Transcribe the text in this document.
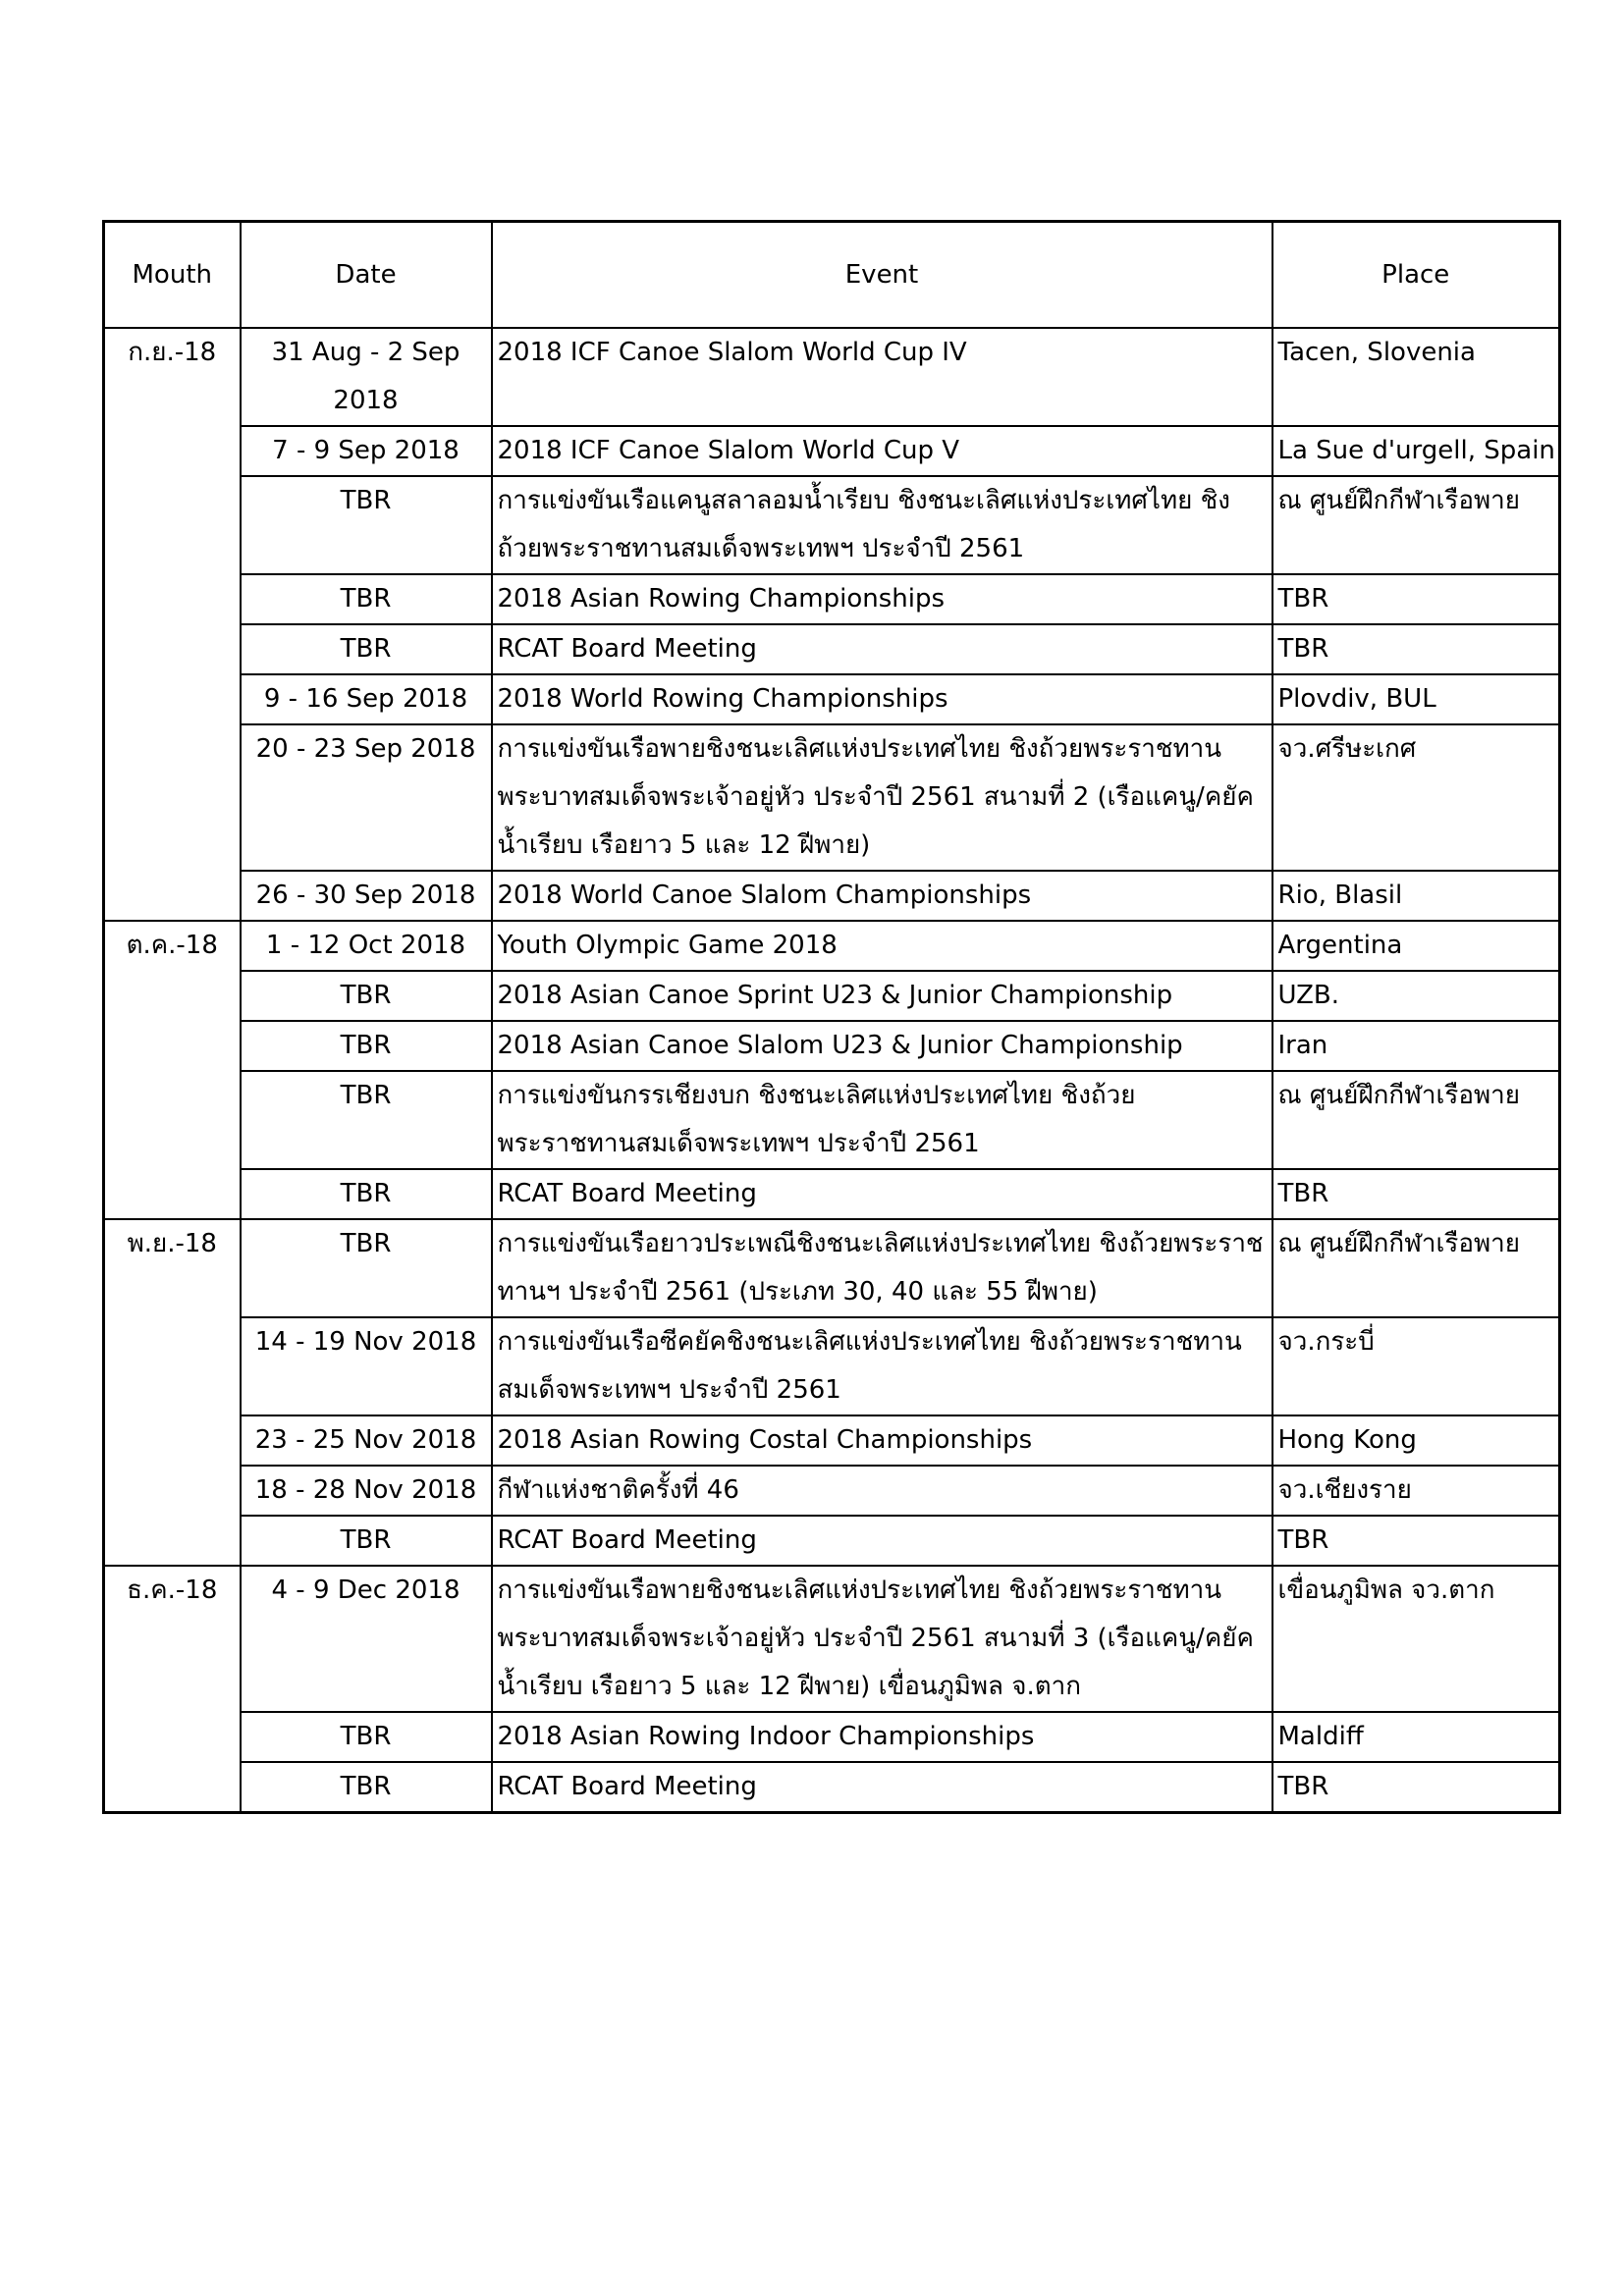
Mouth	Date	Event	Place
ก.ย.-18	31 Aug - 2 Sep 2018	2018 ICF Canoe Slalom World Cup IV	Tacen, Slovenia
	7 - 9 Sep 2018	2018 ICF Canoe Slalom World Cup V	La Sue d'urgell, Spain
	TBR	การแข่งขันเรือแคนูสลาลอมน้ำเรียบ ชิงชนะเลิศแห่งประเทศไทย ชิงถ้วยพระราชทานสมเด็จพระเทพฯ ประจำปี 2561	ณ ศูนย์ฝึกกีฬาเรือพาย
	TBR	2018 Asian Rowing Championships	TBR
	TBR	RCAT Board Meeting	TBR
	9 - 16 Sep 2018	2018 World Rowing Championships	Plovdiv, BUL
	20 - 23 Sep 2018	การแข่งขันเรือพายชิงชนะเลิศแห่งประเทศไทย ชิงถ้วยพระราชทานพระบาทสมเด็จพระเจ้าอยู่หัว ประจำปี 2561 สนามที่ 2 (เรือแคนู/คยัคน้ำเรียบ เรือยาว 5 และ 12 ฝีพาย)	จว.ศรีษะเกศ
	26 - 30 Sep 2018	2018 World Canoe Slalom Championships	Rio, Blasil
ต.ค.-18	1 - 12 Oct 2018	Youth Olympic Game 2018	Argentina
	TBR	2018 Asian Canoe Sprint U23 & Junior Championship	UZB.
	TBR	2018 Asian Canoe Slalom U23 & Junior Championship	Iran
	TBR	การแข่งขันกรรเชียงบก ชิงชนะเลิศแห่งประเทศไทย ชิงถ้วยพระราชทานสมเด็จพระเทพฯ ประจำปี 2561	ณ ศูนย์ฝึกกีฬาเรือพาย
	TBR	RCAT Board Meeting	TBR
พ.ย.-18	TBR	การแข่งขันเรือยาวประเพณีชิงชนะเลิศแห่งประเทศไทย ชิงถ้วยพระราชทานฯ ประจำปี 2561 (ประเภท 30, 40 และ 55 ฝีพาย)	ณ ศูนย์ฝึกกีฬาเรือพาย
	14 - 19 Nov 2018	การแข่งขันเรือซีคยัคชิงชนะเลิศแห่งประเทศไทย ชิงถ้วยพระราชทานสมเด็จพระเทพฯ ประจำปี 2561	จว.กระบี่
	23 - 25 Nov 2018	2018 Asian Rowing Costal Championships	Hong Kong
	18 - 28 Nov 2018	กีฬาแห่งชาติครั้งที่ 46	จว.เชียงราย
	TBR	RCAT Board Meeting	TBR
ธ.ค.-18	4 - 9 Dec 2018	การแข่งขันเรือพายชิงชนะเลิศแห่งประเทศไทย ชิงถ้วยพระราชทานพระบาทสมเด็จพระเจ้าอยู่หัว ประจำปี 2561 สนามที่ 3 (เรือแคนู/คยัคน้ำเรียบ เรือยาว 5 และ 12 ฝีพาย) เขื่อนภูมิพล จ.ตาก	เขื่อนภูมิพล จว.ตาก
	TBR	2018 Asian Rowing Indoor Championships	Maldiff
	TBR	RCAT Board Meeting	TBR
